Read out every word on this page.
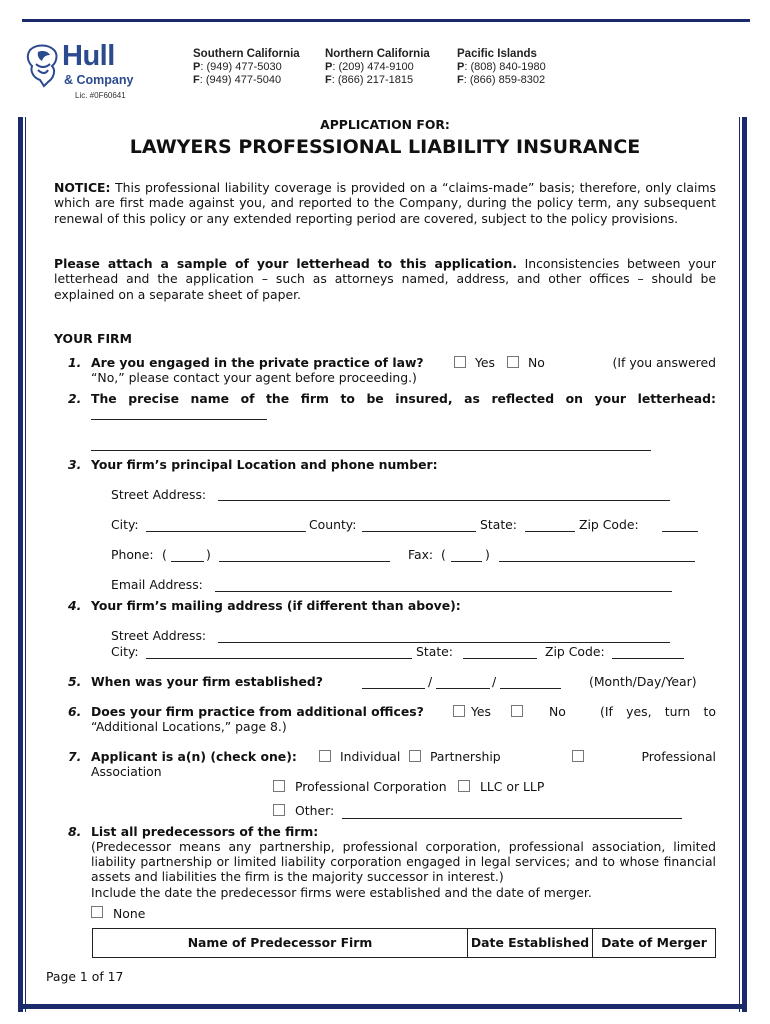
Hull
& Company
Lic. #0F60641
Southern California
P: (949) 477-5030
F: (949) 477-5040
Northern California
P: (209) 474-9100
F: (866) 217-1815
Pacific Islands
P: (808) 840-1980
F: (866) 859-8302
APPLICATION FOR:
LAWYERS PROFESSIONAL LIABILITY INSURANCE
NOTICE: This professional liability coverage is provided on a “claims-made” basis; therefore, only claims which are first made against you, and reported to the Company, during the policy term, any subsequent renewal of this policy or any extended reporting period are covered, subject to the policy provisions.
Please attach a sample of your letterhead to this application. Inconsistencies between your letterhead and the application – such as attorneys named, address, and other offices – should be explained on a separate sheet of paper.
YOUR FIRM
1. Are you engaged in the private practice of law?	Yes	No	(If you answered
“No,” please contact your agent before proceeding.)
2. The precise name of the firm to be insured, as reflected on your letterhead:
3. Your firm’s principal Location and phone number:
Street Address:
City:	County:	State:	Zip Code:
Phone: (	)	Fax: (	)
Email Address:
4. Your firm’s mailing address (if different than above):
Street Address:
City:	State:	Zip Code:
5. When was your firm established?	/	/	(Month/Day/Year)
6. Does your firm practice from additional offices?	Yes	No	(If yes, turn to
“Additional Locations,” page 8.)
7. Applicant is a(n) (check one):	Individual Partnership	Professional
Association
Professional Corporation	LLC or LLP
Other:
8. List all predecessors of the firm:
(Predecessor means any partnership, professional corporation, professional association, limited liability partnership or limited liability corporation engaged in legal services; and to whose financial assets and liabilities the firm is the majority successor in interest.)
Include the date the predecessor firms were established and the date of merger.
None
Name of Predecessor Firm	Date Established	Date of Merger
Page 1 of 17
